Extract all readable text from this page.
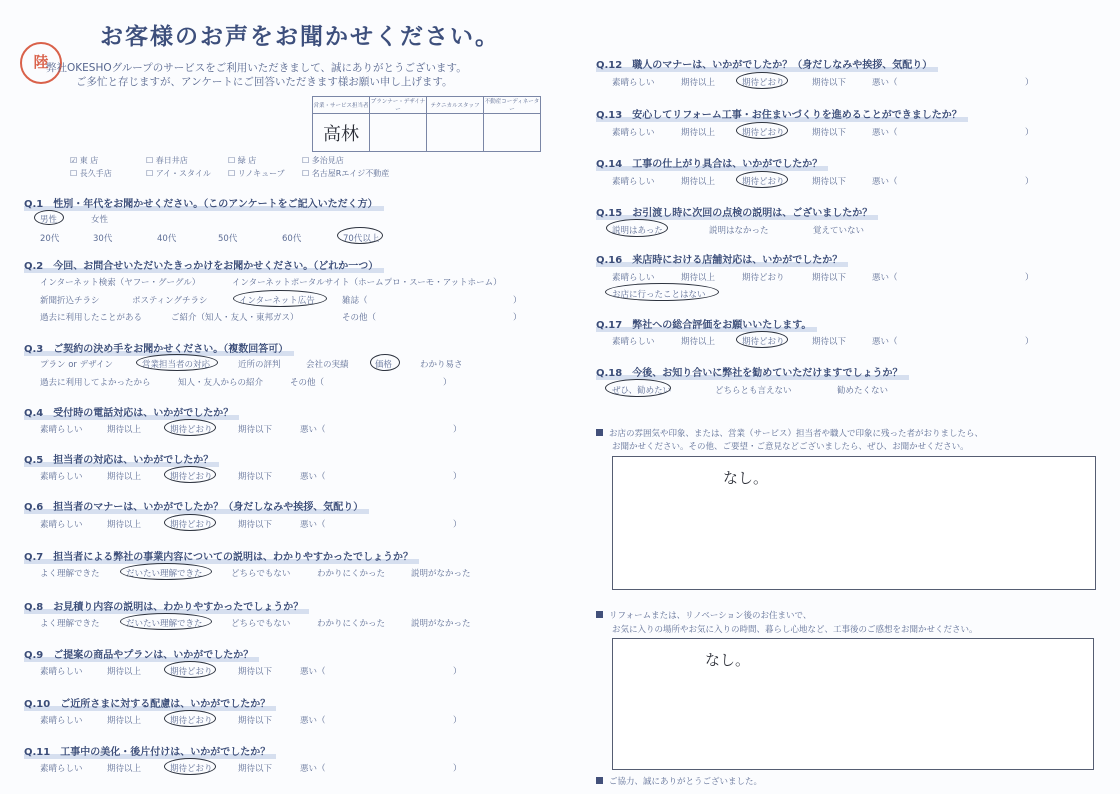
陸
お客様のお声をお聞かせください。
弊社OKESHOグループのサービスをご利用いただきまして、誠にありがとうございます。
ご多忙と存じますが、アンケートにご回答いただきます様お願い申し上げます。
営業・サービス担当者	プランナー・デザイナー	テクニカルスタッフ	不動産コーディネーター
高林			
☑ 東 店	☐ 春日井店	☐ 緑 店	☐ 多治見店
☐ 長久手店	☐ アイ・スタイル ☐ リノキューブ ☐ 名古屋Rエイジ不動産
Q.1　性別・年代をお聞かせください。（このアンケートをご記入いただく方）
男性	女性
20代	30代	40代	50代	60代	70代以上
Q.2　今回、お問合せいただいたきっかけをお聞かせください。（どれか一つ）
インターネット検索（ヤフー・グーグル）	インターネットポータルサイト（ホームプロ・スーモ・アットホーム）
新聞折込チラシ	ポスティングチラシ	インターネット広告	雑誌（	）
過去に利用したことがある	ご紹介（知人・友人・東邦ガス）	その他（	）
Q.3　ご契約の決め手をお聞かせください。（複数回答可）
プラン or デザイン	営業担当者の対応	近所の評判	会社の実績	価格	わかり易さ
過去に利用してよかったから	知人・友人からの紹介	その他（	）
Q.4　受付時の電話対応は、いかがでしたか？
素晴らしい	期待以上	期待どおり	期待以下	悪い（	）
Q.5　担当者の対応は、いかがでしたか？
素晴らしい	期待以上	期待どおり	期待以下	悪い（	）
Q.6　担当者のマナーは、いかがでしたか？（身だしなみや挨拶、気配り）
素晴らしい	期待以上	期待どおり	期待以下	悪い（	）
Q.7　担当者による弊社の事業内容についての説明は、わかりやすかったでしょうか？
よく理解できた	だいたい理解できた	どちらでもない	わかりにくかった	説明がなかった
Q.8　お見積り内容の説明は、わかりやすかったでしょうか？
よく理解できた	だいたい理解できた	どちらでもない	わかりにくかった	説明がなかった
Q.9　ご提案の商品やプランは、いかがでしたか？
素晴らしい	期待以上	期待どおり	期待以下	悪い（	）
Q.10　ご近所さまに対する配慮は、いかがでしたか？
素晴らしい	期待以上	期待どおり	期待以下	悪い（	）
Q.11　工事中の美化・後片付けは、いかがでしたか？
素晴らしい	期待以上	期待どおり	期待以下	悪い（	）
Q.12　職人のマナーは、いかがでしたか？（身だしなみや挨拶、気配り）
素晴らしい	期待以上	期待どおり	期待以下	悪い（	）
Q.13　安心してリフォーム工事・お住まいづくりを進めることができましたか？
素晴らしい	期待以上	期待どおり	期待以下	悪い（	）
Q.14　工事の仕上がり具合は、いかがでしたか？
素晴らしい	期待以上	期待どおり	期待以下	悪い（	）
Q.15　お引渡し時に次回の点検の説明は、ございましたか？
説明はあった	説明はなかった	覚えていない
Q.16　来店時における店舗対応は、いかがでしたか？
素晴らしい	期待以上	期待どおり	期待以下	悪い（	）
お店に行ったことはない
Q.17　弊社への総合評価をお願いいたします。
素晴らしい	期待以上	期待どおり	期待以下	悪い（	）
Q.18　今後、お知り合いに弊社を勧めていただけますでしょうか？
ぜひ、勧めたい	どちらとも言えない	勧めたくない
お店の雰囲気や印象、または、営業（サービス）担当者や職人で印象に残った者がおりましたら、
お聞かせください。その他、ご要望・ご意見などございましたら、ぜひ、お聞かせください。
なし。
リフォームまたは、リノベーション後のお住まいで、
お気に入りの場所やお気に入りの時間、暮らし心地など、工事後のご感想をお聞かせください。
なし。
ご協力、誠にありがとうございました。
